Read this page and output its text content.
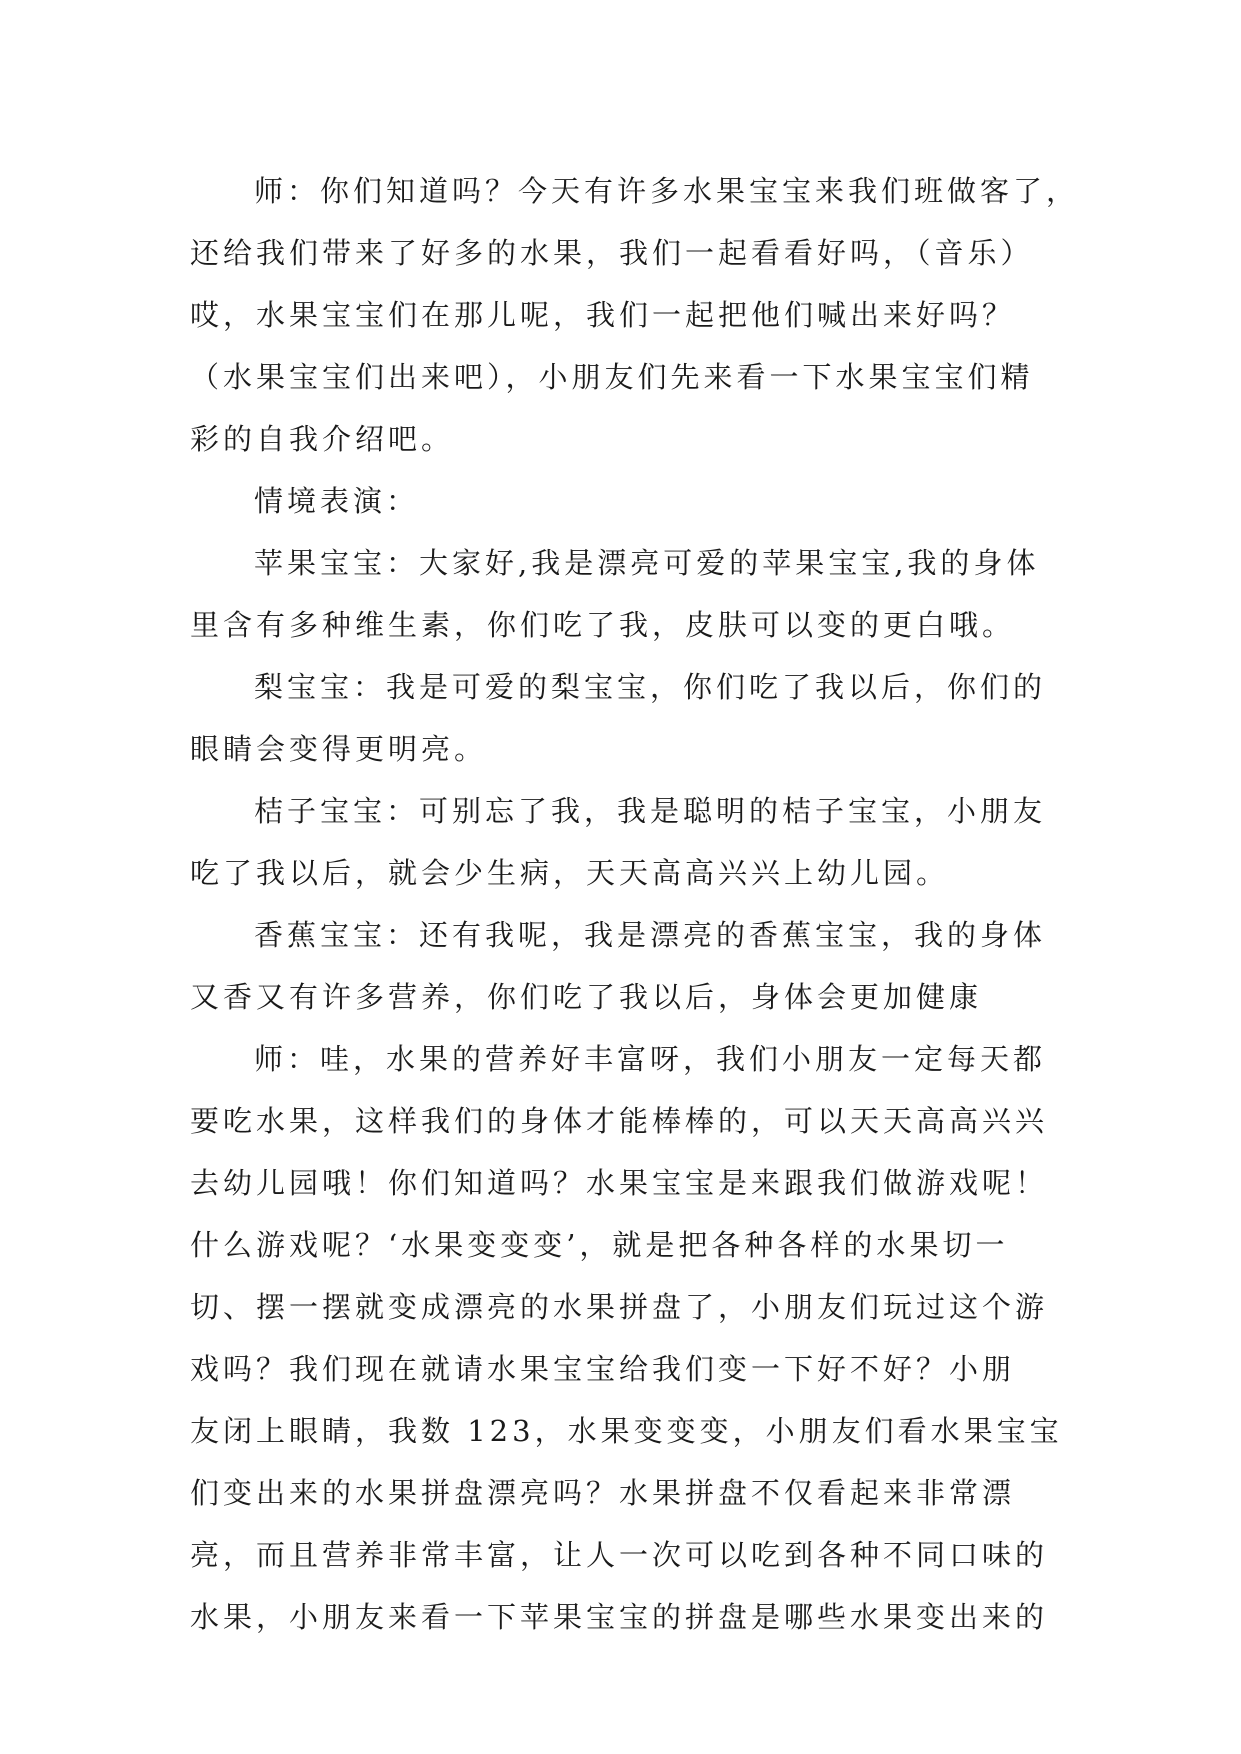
师：你们知道吗？今天有许多水果宝宝来我们班做客了，
还给我们带来了好多的水果，我们一起看看好吗，（音乐）
哎，水果宝宝们在那儿呢，我们一起把他们喊出来好吗？
（水果宝宝们出来吧），小朋友们先来看一下水果宝宝们精
彩的自我介绍吧。
情境表演：
苹果宝宝：大家好,我是漂亮可爱的苹果宝宝,我的身体
里含有多种维生素，你们吃了我，皮肤可以变的更白哦。
梨宝宝：我是可爱的梨宝宝，你们吃了我以后，你们的
眼睛会变得更明亮。
桔子宝宝：可别忘了我，我是聪明的桔子宝宝，小朋友
吃了我以后，就会少生病，天天高高兴兴上幼儿园。
香蕉宝宝：还有我呢，我是漂亮的香蕉宝宝，我的身体
又香又有许多营养，你们吃了我以后，身体会更加健康
师：哇，水果的营养好丰富呀，我们小朋友一定每天都
要吃水果，这样我们的身体才能棒棒的，可以天天高高兴兴
去幼儿园哦！你们知道吗？水果宝宝是来跟我们做游戏呢！
什么游戏呢？‘水果变变变’，就是把各种各样的水果切一
切、摆一摆就变成漂亮的水果拼盘了，小朋友们玩过这个游
戏吗？我们现在就请水果宝宝给我们变一下好不好？小朋
友闭上眼睛，我数 123，水果变变变，小朋友们看水果宝宝
们变出来的水果拼盘漂亮吗？水果拼盘不仅看起来非常漂
亮，而且营养非常丰富，让人一次可以吃到各种不同口味的
水果，小朋友来看一下苹果宝宝的拼盘是哪些水果变出来的
